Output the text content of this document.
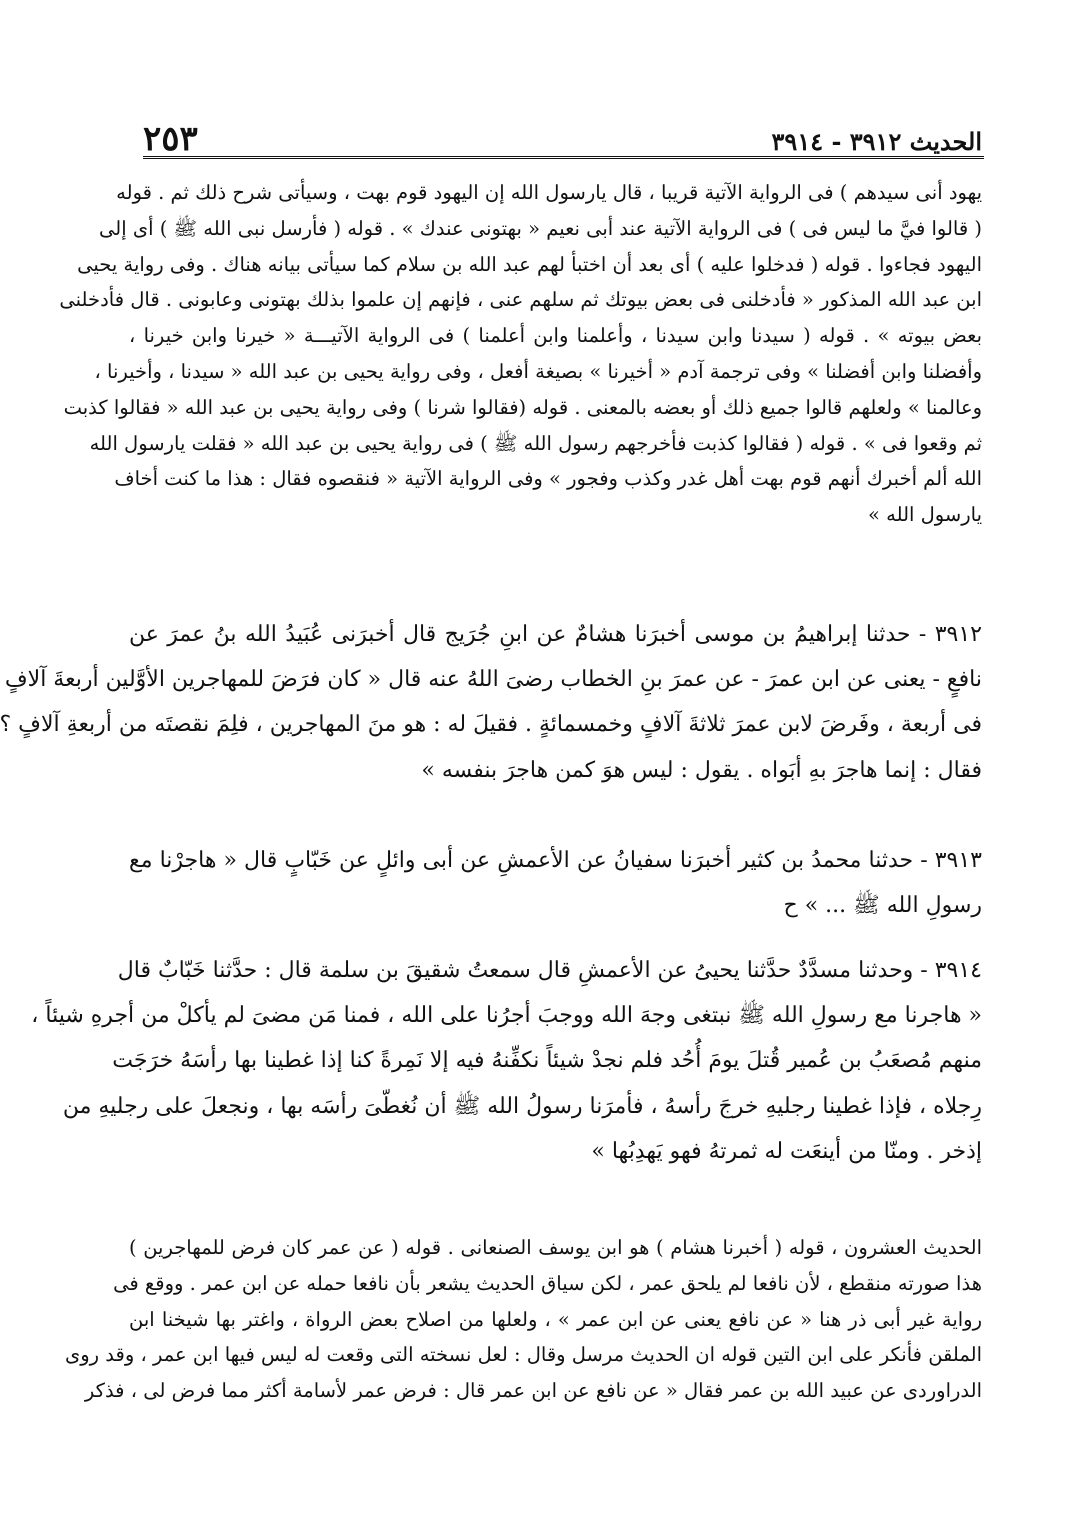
الحديث ٣٩١٢ - ٣٩١٤
٢٥٣
يهود أنى سيدهم ) فى الرواية الآتية قريبا ، قال يارسول الله إن اليهود قوم بهت ، وسيأتى شرح ذلك ثم . قوله
( قالوا فيَّ ما ليس فى ) فى الرواية الآتية عند أبى نعيم « بهتونى عندك » . قوله ( فأرسل نبى الله ﷺ ) أى إلى
اليهود فجاءوا . قوله ( فدخلوا عليه ) أى بعد أن اختبأ لهم عبد الله بن سلام كما سيأتى بيانه هناك . وفى رواية يحيى
ابن عبد الله المذكور « فأدخلنى فى بعض بيوتك ثم سلهم عنى ، فإنهم إن علموا بذلك بهتونى وعابونى . قال فأدخلنى
بعض بيوته » . قوله ( سيدنا وابن سيدنا ، وأعلمنا وابن أعلمنا ) فى الرواية الآتيـــة « خيرنا وابن خيرنا ،
وأفضلنا وابن أفضلنا » وفى ترجمة آدم « أخيرنا » بصيغة أفعل ، وفى رواية يحيى بن عبد الله « سيدنا ، وأخيرنا ،
وعالمنا » ولعلهم قالوا جميع ذلك أو بعضه بالمعنى . قوله (فقالوا شرنا ) وفى رواية يحيى بن عبد الله « فقالوا كذبت
ثم وقعوا فى » . قوله ( فقالوا كذبت فأخرجهم رسول الله ﷺ ) فى رواية يحيى بن عبد الله « فقلت يارسول الله
الله ألم أخبرك أنهم قوم بهت أهل غدر وكذب وفجور » وفى الرواية الآتية « فنقصوه فقال : هذا ما كنت أخاف
يارسول الله »
٣٩١٢ - حدثنا إبراهيمُ بن موسى أخبرَنا هشامٌ عن ابنِ جُرَيج قال أخبرَنى عُبَيدُ الله بنُ عمرَ عن
نافعٍ - يعنى عن ابن عمرَ - عن عمرَ بنِ الخطاب رضىَ اللهُ عنه قال « كان فرَضَ للمهاجرين الأوَّلين أربعةَ آلافٍ
فى أربعة ، وفَرضَ لابن عمرَ ثلاثةَ آلافٍ وخمسمائةٍ . فقيلَ له : هو منَ المهاجرين ، فلِمَ نقصتَه من أربعةِ آلافٍ ؟
فقال : إنما هاجرَ بهِ أبَواه . يقول : ليس هوَ كمن هاجرَ بنفسه »
٣٩١٣ - حدثنا محمدُ بن كثير أخبرَنا سفيانُ عن الأعمشِ عن أبى وائلٍ عن خَبّابٍ قال « هاجرْنا مع
رسولِ الله ﷺ ... » ح
٣٩١٤ - وحدثنا مسدَّدٌ حدَّثنا يحيىُ عن الأعمشِ قال سمعتُ شقيقَ بن سلمة قال : حدَّثنا خَبّابٌ قال
« هاجرنا مع رسولِ الله ﷺ نبتغى وجهَ الله ووجبَ أجرُنا على الله ، فمنا مَن مضىَ لم يأكلْ من أجرهِ شيئاً ،
منهم مُصعَبُ بن عُمير قُتلَ يومَ أُحُد فلم نجدْ شيئاً نكفِّنهُ فيه إلا نَمِرةً كنا إذا غطينا بها رأسَهُ خرَجَت
رِجلاه ، فإذا غطينا رجليهِ خرجَ رأسهُ ، فأمرَنا رسولُ الله ﷺ أن نُغطّىَ رأسَه بها ، ونجعلَ على رجليهِ من
إذخر . ومنّا من أينعَت له ثمرتهُ فهو يَهدِبُها »
الحديث العشرون ، قوله ( أخبرنا هشام ) هو ابن يوسف الصنعانى . قوله ( عن عمر كان فرض للمهاجرين )
هذا صورته منقطع ، لأن نافعا لم يلحق عمر ، لكن سياق الحديث يشعر بأن نافعا حمله عن ابن عمر . ووقع فى
رواية غير أبى ذر هنا « عن نافع يعنى عن ابن عمر » ، ولعلها من اصلاح بعض الرواة ، واغتر بها شيخنا ابن
الملقن فأنكر على ابن التين قوله ان الحديث مرسل وقال : لعل نسخته التى وقعت له ليس فيها ابن عمر ، وقد روى
الدراوردى عن عبيد الله بن عمر فقال « عن نافع عن ابن عمر قال : فرض عمر لأسامة أكثر مما فرض لى ، فذكر
